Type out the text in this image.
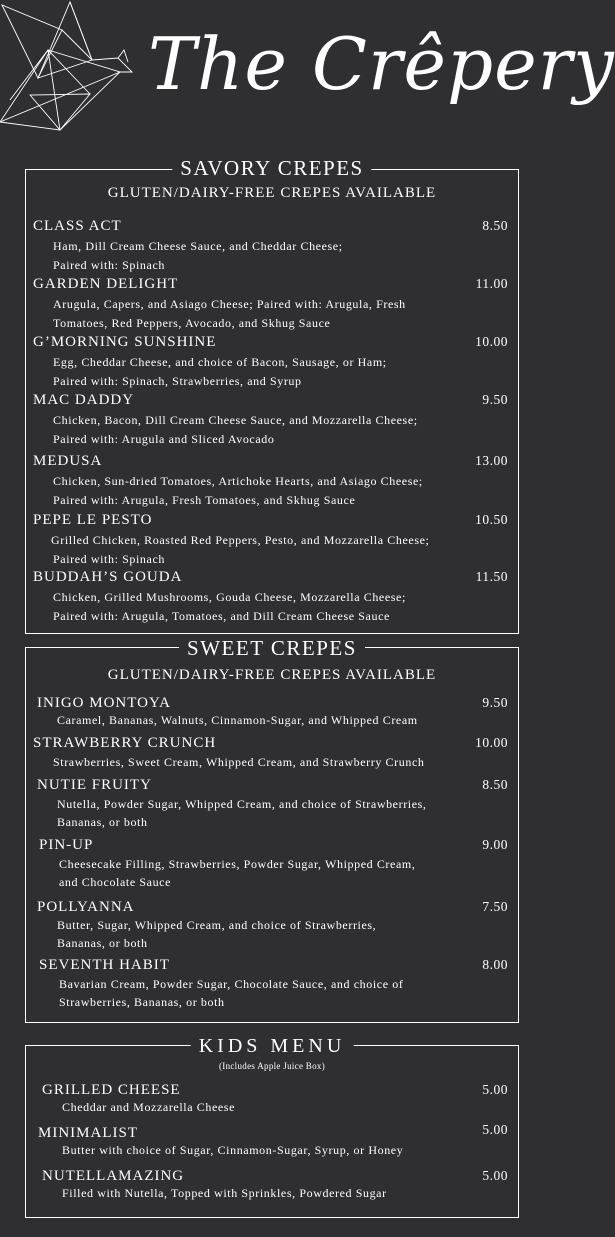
The Crêpery
SAVORY CREPES
GLUTEN/DAIRY-FREE CREPES AVAILABLE
CLASS ACT	8.50
Ham, Dill Cream Cheese Sauce, and Cheddar Cheese;
Paired with: Spinach
GARDEN DELIGHT	11.00
Arugula, Capers, and Asiago Cheese; Paired with: Arugula, Fresh
Tomatoes, Red Peppers, Avocado, and Skhug Sauce
G’MORNING SUNSHINE	10.00
Egg, Cheddar Cheese, and choice of Bacon, Sausage, or Ham;
Paired with: Spinach, Strawberries, and Syrup
MAC DADDY	9.50
Chicken, Bacon, Dill Cream Cheese Sauce, and Mozzarella Cheese;
Paired with: Arugula and Sliced Avocado
MEDUSA	13.00
Chicken, Sun-dried Tomatoes, Artichoke Hearts, and Asiago Cheese;
Paired with: Arugula, Fresh Tomatoes, and Skhug Sauce
PEPE LE PESTO	10.50
Grilled Chicken, Roasted Red Peppers, Pesto, and Mozzarella Cheese;
Paired with: Spinach
BUDDAH’S GOUDA	11.50
Chicken, Grilled Mushrooms, Gouda Cheese, Mozzarella Cheese;
Paired with: Arugula, Tomatoes, and Dill Cream Cheese Sauce
SWEET CREPES
GLUTEN/DAIRY-FREE CREPES AVAILABLE
INIGO MONTOYA	9.50
Caramel, Bananas, Walnuts, Cinnamon-Sugar, and Whipped Cream
STRAWBERRY CRUNCH	10.00
Strawberries, Sweet Cream, Whipped Cream, and Strawberry Crunch
NUTIE FRUITY	8.50
Nutella, Powder Sugar, Whipped Cream, and choice of Strawberries,
Bananas, or both
PIN-UP	9.00
Cheesecake Filling, Strawberries, Powder Sugar, Whipped Cream,
and Chocolate Sauce
POLLYANNA	7.50
Butter, Sugar, Whipped Cream, and choice of Strawberries,
Bananas, or both
SEVENTH HABIT	8.00
Bavarian Cream, Powder Sugar, Chocolate Sauce, and choice of
Strawberries, Bananas, or both
KIDS MENU
(Includes Apple Juice Box)
GRILLED CHEESE	5.00
Cheddar and Mozzarella Cheese
MINIMALIST	5.00
Butter with choice of Sugar, Cinnamon-Sugar, Syrup, or Honey
NUTELLAMAZING	5.00
Filled with Nutella, Topped with Sprinkles, Powdered Sugar
